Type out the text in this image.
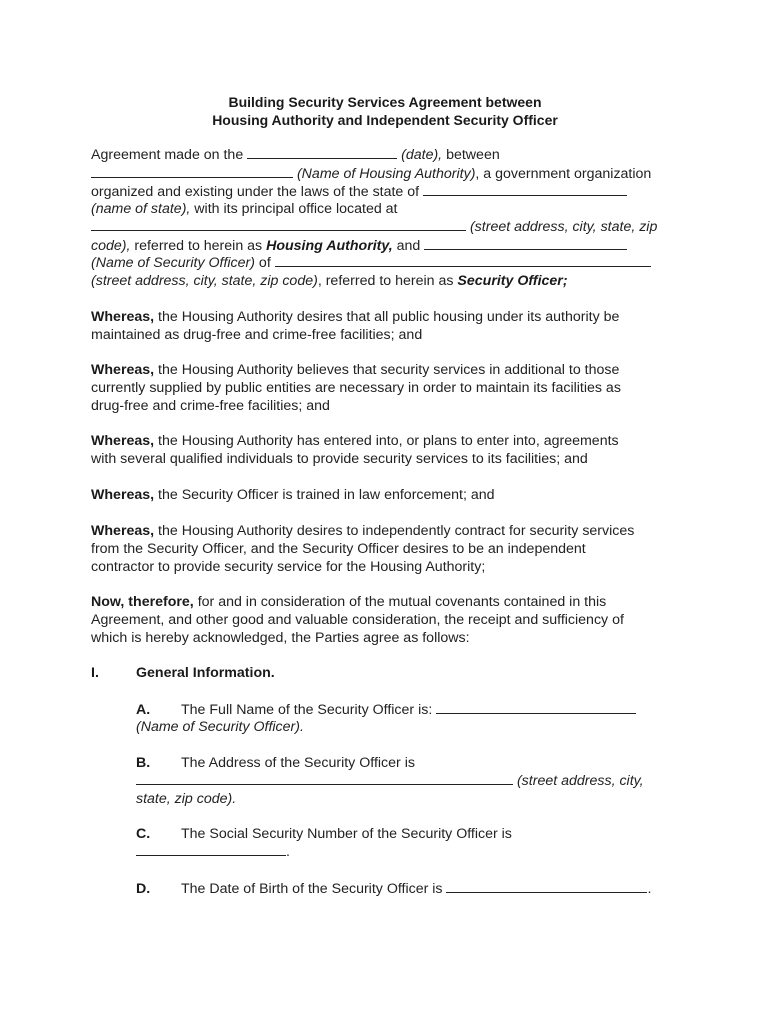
Building Security Services Agreement between
Housing Authority and Independent Security Officer
Agreement made on the	(date), between
(Name of Housing Authority), a government organization
organized and existing under the laws of the state of
(name of state), with its principal office located at
(street address, city, state, zip
code), referred to herein as Housing Authority, and
(Name of Security Officer) of
(street address, city, state, zip code), referred to herein as Security Officer;
Whereas, the Housing Authority desires that all public housing under its authority be
maintained as drug-free and crime-free facilities; and
Whereas, the Housing Authority believes that security services in additional to those
currently supplied by public entities are necessary in order to maintain its facilities as
drug-free and crime-free facilities; and
Whereas, the Housing Authority has entered into, or plans to enter into, agreements
with several qualified individuals to provide security services to its facilities; and
Whereas, the Security Officer is trained in law enforcement; and
Whereas, the Housing Authority desires to independently contract for security services
from the Security Officer, and the Security Officer desires to be an independent
contractor to provide security service for the Housing Authority;
Now, therefore, for and in consideration of the mutual covenants contained in this
Agreement, and other good and valuable consideration, the receipt and sufficiency of
which is hereby acknowledged, the Parties agree as follows:
I.	General Information.
A. The Full Name of the Security Officer is:
(Name of Security Officer).
B. The Address of the Security Officer is
(street address, city,
state, zip code).
C. The Social Security Number of the Security Officer is
.
D. The Date of Birth of the Security Officer is	.
